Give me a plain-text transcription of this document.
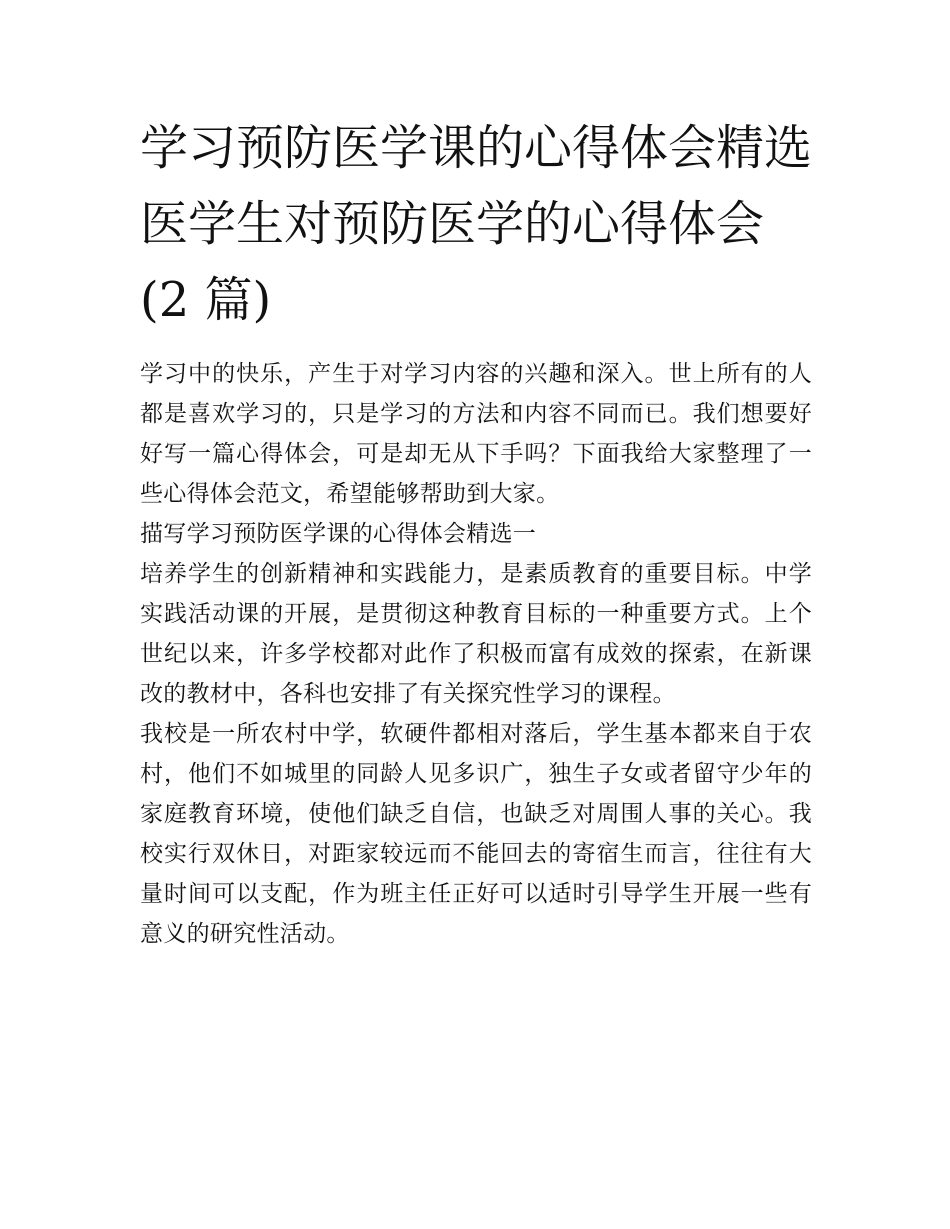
学习预防医学课的心得体会精选 医学生对预防医学的心得体会(2 篇)

学习中的快乐，产生于对学习内容的兴趣和深入。世上所有的人都是喜欢学习的，只是学习的方法和内容不同而已。我们想要好好写一篇心得体会，可是却无从下手吗？下面我给大家整理了一些心得体会范文，希望能够帮助到大家。

描写学习预防医学课的心得体会精选一

培养学生的创新精神和实践能力，是素质教育的重要目标。中学实践活动课的开展，是贯彻这种教育目标的一种重要方式。上个世纪以来，许多学校都对此作了积极而富有成效的探索，在新课改的教材中，各科也安排了有关探究性学习的课程。

我校是一所农村中学，软硬件都相对落后，学生基本都来自于农村，他们不如城里的同龄人见多识广，独生子女或者留守少年的家庭教育环境，使他们缺乏自信，也缺乏对周围人事的关心。我校实行双休日，对距家较远而不能回去的寄宿生而言，往往有大量时间可以支配，作为班主任正好可以适时引导学生开展一些有意义的研究性活动。
